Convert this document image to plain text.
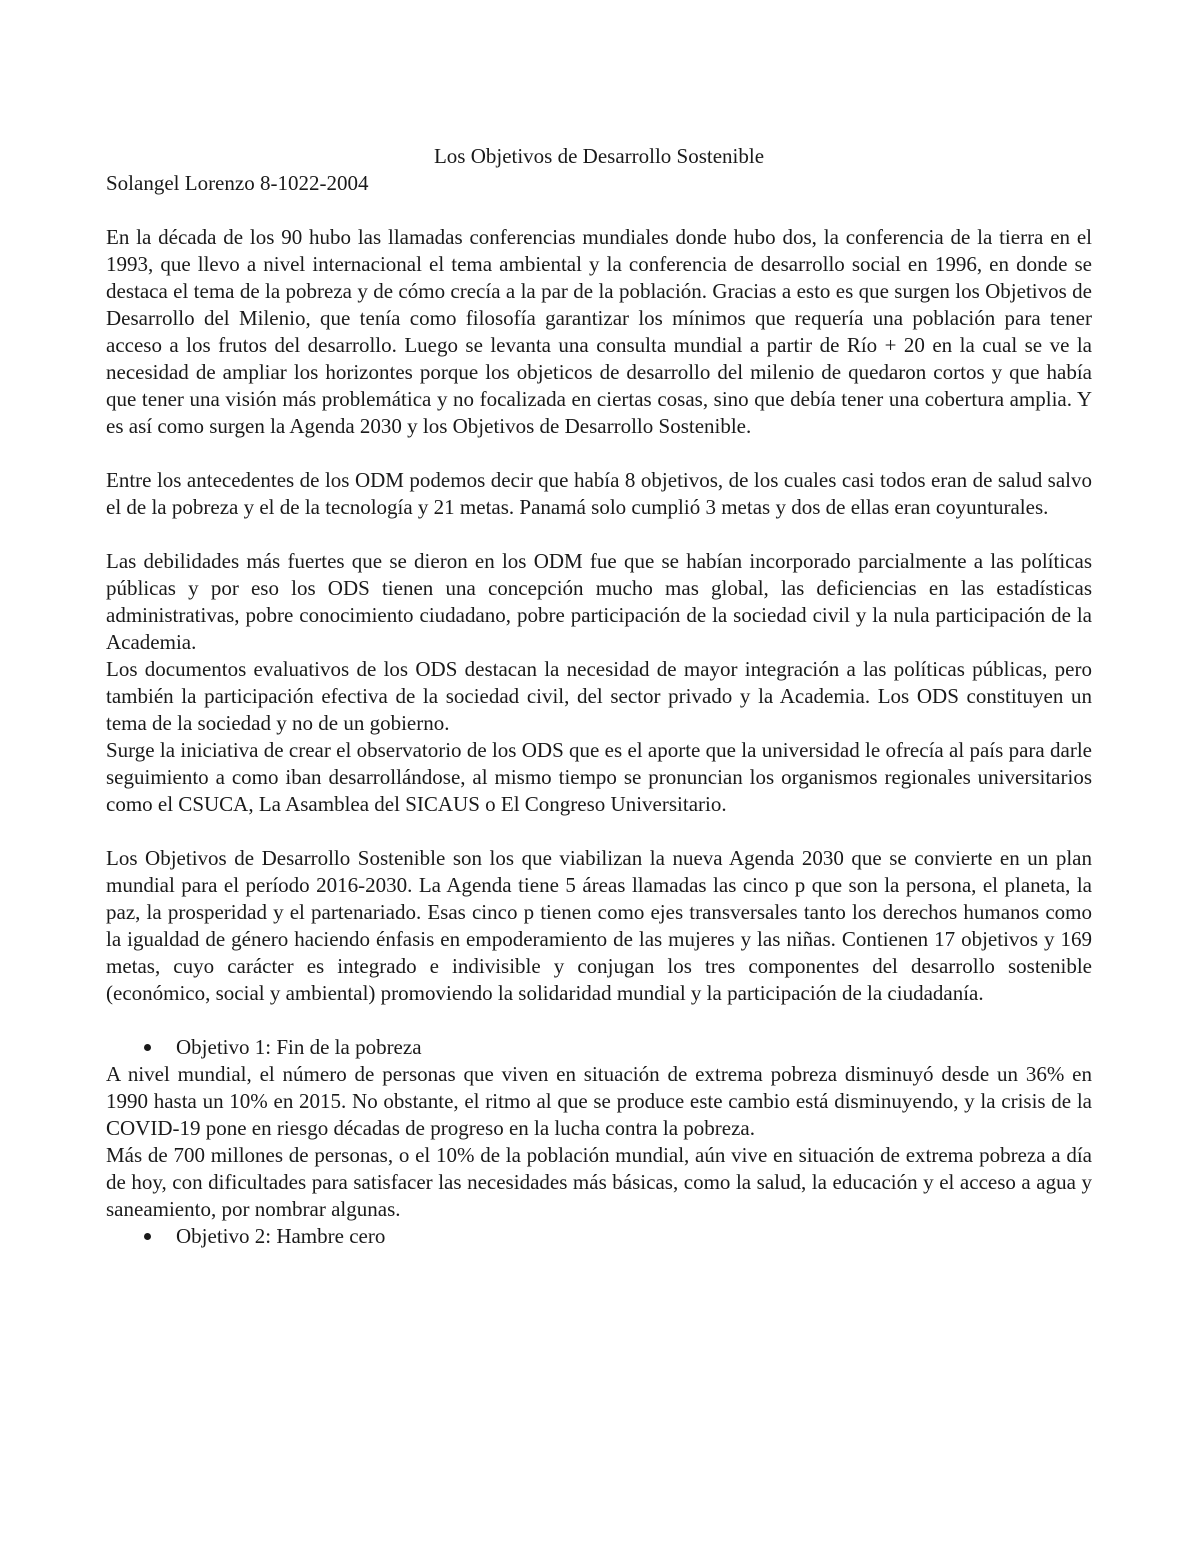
Los Objetivos de Desarrollo Sostenible

Solangel Lorenzo 8-1022-2004

En la década de los 90 hubo las llamadas conferencias mundiales donde hubo dos, la conferencia de la tierra en el 1993, que llevo a nivel internacional el tema ambiental y la conferencia de desarrollo social en 1996, en donde se destaca el tema de la pobreza y de cómo crecía a la par de la población. Gracias a esto es que surgen los Objetivos de Desarrollo del Milenio, que tenía como filosofía garantizar los mínimos que requería una población para tener acceso a los frutos del desarrollo. Luego se levanta una consulta mundial a partir de Río + 20 en la cual se ve la necesidad de ampliar los horizontes porque los objeticos de desarrollo del milenio de quedaron cortos y que había que tener una visión más problemática y no focalizada en ciertas cosas, sino que debía tener una cobertura amplia. Y es así como surgen la Agenda 2030 y los Objetivos de Desarrollo Sostenible.

Entre los antecedentes de los ODM podemos decir que había 8 objetivos, de los cuales casi todos eran de salud salvo el de la pobreza y el de la tecnología y 21 metas. Panamá solo cumplió 3 metas y dos de ellas eran coyunturales.

Las debilidades más fuertes que se dieron en los ODM fue que se habían incorporado parcialmente a las políticas públicas y por eso los ODS tienen una concepción mucho mas global, las deficiencias en las estadísticas administrativas, pobre conocimiento ciudadano, pobre participación de la sociedad civil y la nula participación de la Academia.

Los documentos evaluativos de los ODS destacan la necesidad de mayor integración a las políticas públicas, pero también la participación efectiva de la sociedad civil, del sector privado y la Academia. Los ODS constituyen un tema de la sociedad y no de un gobierno.

Surge la iniciativa de crear el observatorio de los ODS que es el aporte que la universidad le ofrecía al país para darle seguimiento a como iban desarrollándose, al mismo tiempo se pronuncian los organismos regionales universitarios como el CSUCA, La Asamblea del SICAUS o El Congreso Universitario.

Los Objetivos de Desarrollo Sostenible son los que viabilizan la nueva Agenda 2030 que se convierte en un plan mundial para el período 2016-2030. La Agenda tiene 5 áreas llamadas las cinco p que son la persona, el planeta, la paz, la prosperidad y el partenariado. Esas cinco p tienen como ejes transversales tanto los derechos humanos como la igualdad de género haciendo énfasis en empoderamiento de las mujeres y las niñas. Contienen 17 objetivos y 169 metas, cuyo carácter es integrado e indivisible y conjugan los tres componentes del desarrollo sostenible (económico, social y ambiental) promoviendo la solidaridad mundial y la participación de la ciudadanía.

Objetivo 1: Fin de la pobreza

A nivel mundial, el número de personas que viven en situación de extrema pobreza disminuyó desde un 36% en 1990 hasta un 10% en 2015. No obstante, el ritmo al que se produce este cambio está disminuyendo, y la crisis de la COVID-19 pone en riesgo décadas de progreso en la lucha contra la pobreza.

Más de 700 millones de personas, o el 10% de la población mundial, aún vive en situación de extrema pobreza a día de hoy, con dificultades para satisfacer las necesidades más básicas, como la salud, la educación y el acceso a agua y saneamiento, por nombrar algunas.

Objetivo 2: Hambre cero
